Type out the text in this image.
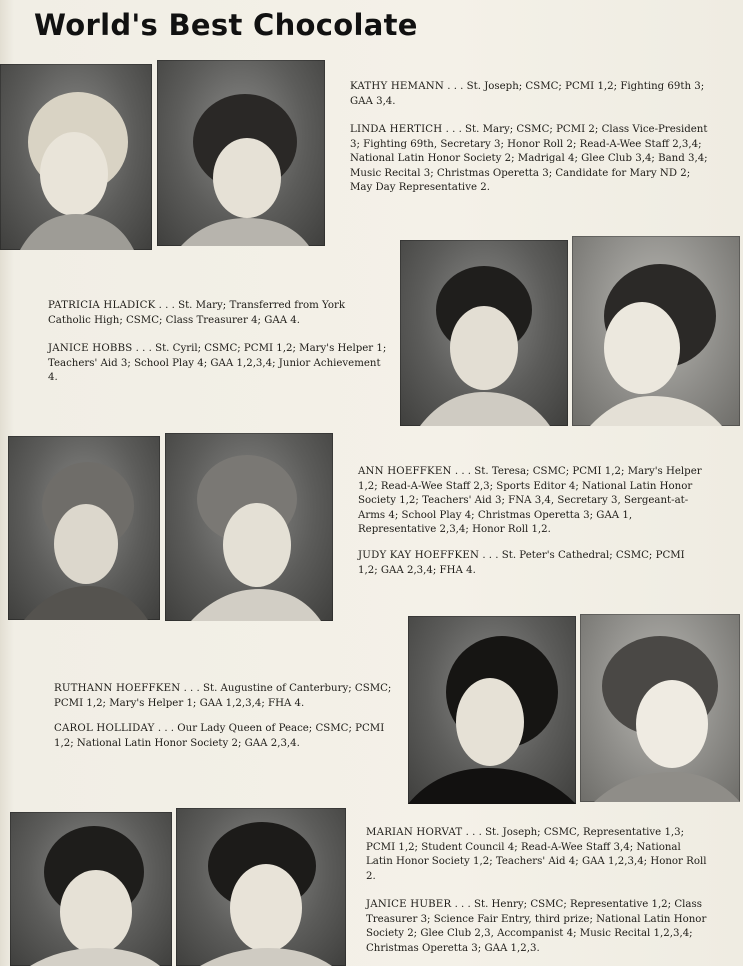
World's Best Chocolate

KATHY HEMANN . . . St. Joseph; CSMC; PCMI 1,2; Fighting 69th 3; GAA 3,4.

LINDA HERTICH . . . St. Mary; CSMC; PCMI 2; Class Vice-President 3; Fighting 69th, Secretary 3; Honor Roll 2; Read-A-Wee Staff 2,3,4; National Latin Honor Society 2; Madrigal 4; Glee Club 3,4; Band 3,4; Music Recital 3; Christmas Operetta 3; Candidate for Mary ND 2; May Day Representative 2.

PATRICIA HLADICK . . . St. Mary; Transferred from York Catholic High; CSMC; Class Treasurer 4; GAA 4.

JANICE HOBBS . . . St. Cyril; CSMC; PCMI 1,2; Mary's Helper 1; Teachers' Aid 3; School Play 4; GAA 1,2,3,4; Junior Achievement 4.

ANN HOEFFKEN . . . St. Teresa; CSMC; PCMI 1,2; Mary's Helper 1,2; Read-A-Wee Staff 2,3; Sports Editor 4; National Latin Honor Society 1,2; Teachers' Aid 3; FNA 3,4, Secretary 3, Sergeant-at-Arms 4; School Play 4; Christmas Operetta 3; GAA 1, Representative 2,3,4; Honor Roll 1,2.

JUDY KAY HOEFFKEN . . . St. Peter's Cathedral; CSMC; PCMI 1,2; GAA 2,3,4; FHA 4.

RUTHANN HOEFFKEN . . . St. Augustine of Canterbury; CSMC; PCMI 1,2; Mary's Helper 1; GAA 1,2,3,4; FHA 4.

CAROL HOLLIDAY . . . Our Lady Queen of Peace; CSMC; PCMI 1,2; National Latin Honor Society 2; GAA 2,3,4.

MARIAN HORVAT . . . St. Joseph; CSMC, Representative 1,3; PCMI 1,2; Student Council 4; Read-A-Wee Staff 3,4; National Latin Honor Society 1,2; Teachers' Aid 4; GAA 1,2,3,4; Honor Roll 2.

JANICE HUBER . . . St. Henry; CSMC; Representative 1,2; Class Treasurer 3; Science Fair Entry, third prize; National Latin Honor Society 2; Glee Club 2,3, Accompanist 4; Music Recital 1,2,3,4; Christmas Operetta 3; GAA 1,2,3.
